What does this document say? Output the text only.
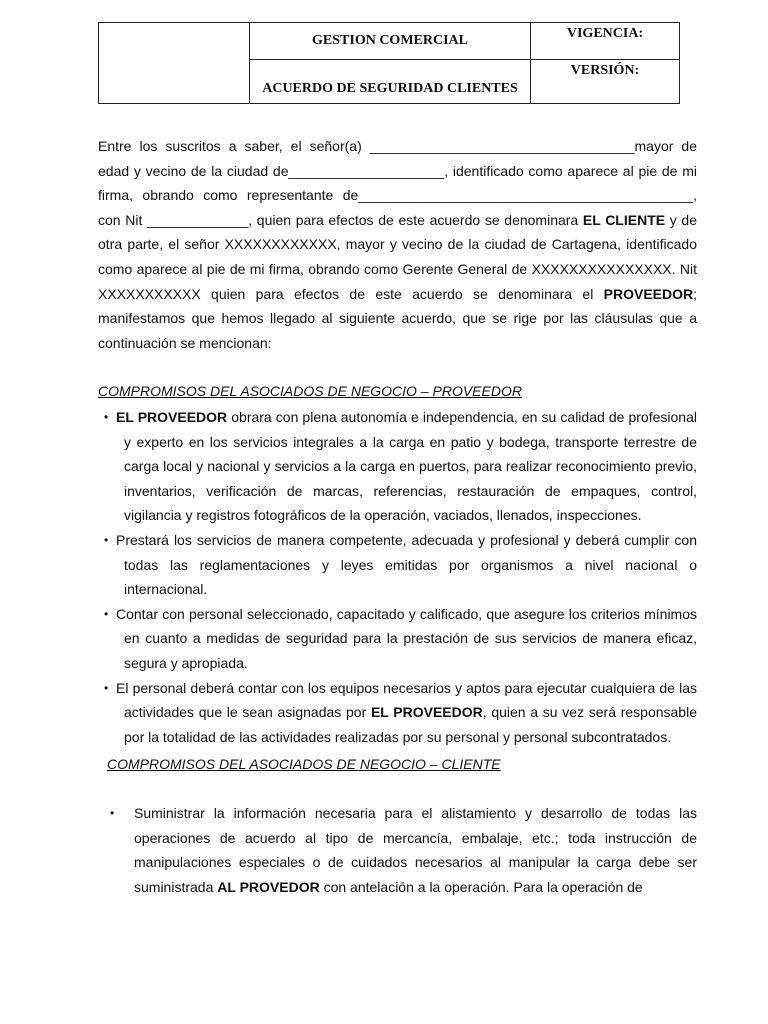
	GESTION COMERCIAL	VIGENCIA:
	ACUERDO DE SEGURIDAD CLIENTES	VERSIÓN:

Entre los suscritos a saber, el señor(a) __________________________________mayor de edad y vecino de la ciudad de____________________, identificado como aparece al pie de mi firma, obrando como representante de___________________________________________, con Nit _____________, quien para efectos de este acuerdo se denominara EL CLIENTE y de otra parte, el señor XXXXXXXXXXXX, mayor y vecino de la ciudad de Cartagena, identificado como aparece al pie de mi firma, obrando como Gerente General de XXXXXXXXXXXXXXX. Nit XXXXXXXXXXX quien para efectos de este acuerdo se denominara el PROVEEDOR; manifestamos que hemos llegado al siguiente acuerdo, que se rige por las cláusulas que a continuación se mencionan:

COMPROMISOS DEL ASOCIADOS DE NEGOCIO – PROVEEDOR
• EL PROVEEDOR obrara con plena autonomía e independencia, en su calidad de profesional y experto en los servicios integrales a la carga en patio y bodega, transporte terrestre de carga local y nacional y servicios a la carga en puertos, para realizar reconocimiento previo, inventarios, verificación de marcas, referencias, restauración de empaques, control, vigilancia y registros fotográficos de la operación, vaciados, llenados, inspecciones.
• Prestará los servicios de manera competente, adecuada y profesional y deberá cumplir con todas las reglamentaciones y leyes emitidas por organismos a nivel nacional o internacional.
• Contar con personal seleccionado, capacitado y calificado, que asegure los criterios mínimos en cuanto a medidas de seguridad para la prestación de sus servicios de manera eficaz, segura y apropiada.
• El personal deberá contar con los equipos necesarios y aptos para ejecutar cualquiera de las actividades que le sean asignadas por EL PROVEEDOR, quien a su vez será responsable por la totalidad de las actividades realizadas por su personal y personal subcontratados.
COMPROMISOS DEL ASOCIADOS DE NEGOCIO – CLIENTE
• Suministrar la información necesaria para el alistamiento y desarrollo de todas las operaciones de acuerdo al tipo de mercancía, embalaje, etc.; toda instrucción de manipulaciones especiales o de cuidados necesarios al manipular la carga debe ser suministrada AL PROVEDOR con antelación a la operación. Para la operación de
